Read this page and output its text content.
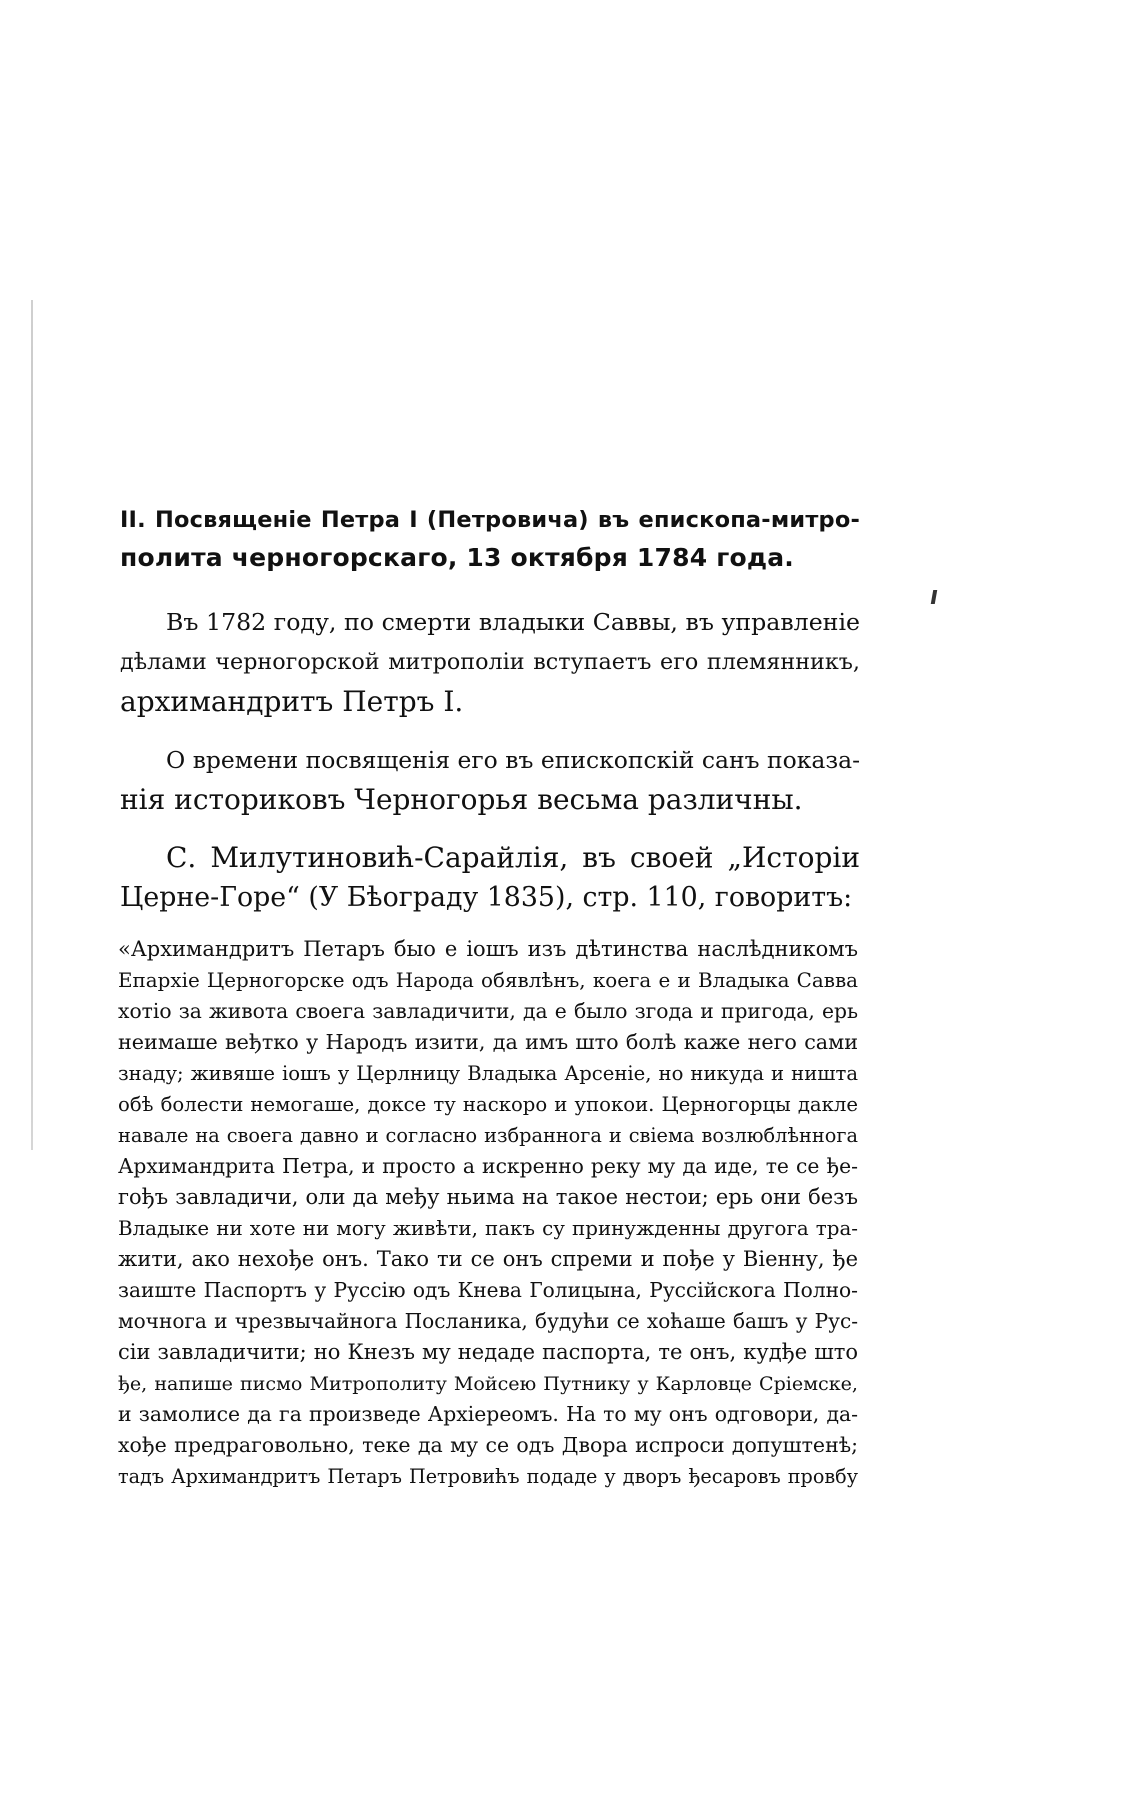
II. Посвященіе Петра I (Петровича) въ епископа-митро-
полита черногорскаго, 13 октября 1784 года.
Въ 1782 году, по смерти владыки Саввы, въ управленіе
дѣлами черногорской митрополіи вступаетъ его племянникъ,
архимандритъ Петръ I.
О времени посвященія его въ епископскій санъ показа-
нія историковъ Черногорья весьма различны.
С. Милутиновић-Сарайлія, въ своей „Исторіи
Церне-Горе“ (У Бѣограду 1835), стр. 110, говоритъ:
«Архимандритъ Петаръ быо е іошъ изъ дѣтинства наслѣдникомъ
Епархіе Церногорске одъ Народа обявлѣнъ, коега е и Владыка Савва
хотіо за живота своега завладичити, да е было згода и пригода, ерь
неимаше веђтко у Народъ изити, да имъ што болѣ каже него сами
знаду; живяше іошъ у Церлницу Владыка Арсеніе, но никуда и ништа
обѣ болести немогаше, доксе ту наскоро и упокои. Церногорцы дакле
навале на своега давно и согласно избраннога и свіема возлюблѣннога
Архимандрита Петра, и просто а искренно реку му да иде, те се ђе-
гођъ завладичи, оли да међу ньима на такое нестои; ерь они безъ
Владыке ни хоте ни могу живѣти, пакъ су принужденны другога тра-
жити, ако нехође онъ. Тако ти се онъ спреми и пође у Віенну, ђе
заиште Паспортъ у Руссію одъ Кнева Голицына, Руссійскога Полно-
мочнога и чрезвычайнога Посланика, будући се хоћаше башъ у Рус-
сіи завладичити; но Кнезъ му недаде паспорта, те онъ, кудђе што
ђе, напише писмо Митрополиту Мойсею Путнику у Карловце Сріемске,
и замолисе да га произведе Архіереомъ. На то му онъ одговори, да-
хође предраговольно, теке да му се одъ Двора испроси допуштенѣ;
тадъ Архимандритъ Петаръ Петровићъ подаде у дворъ ђесаровъ провбу
